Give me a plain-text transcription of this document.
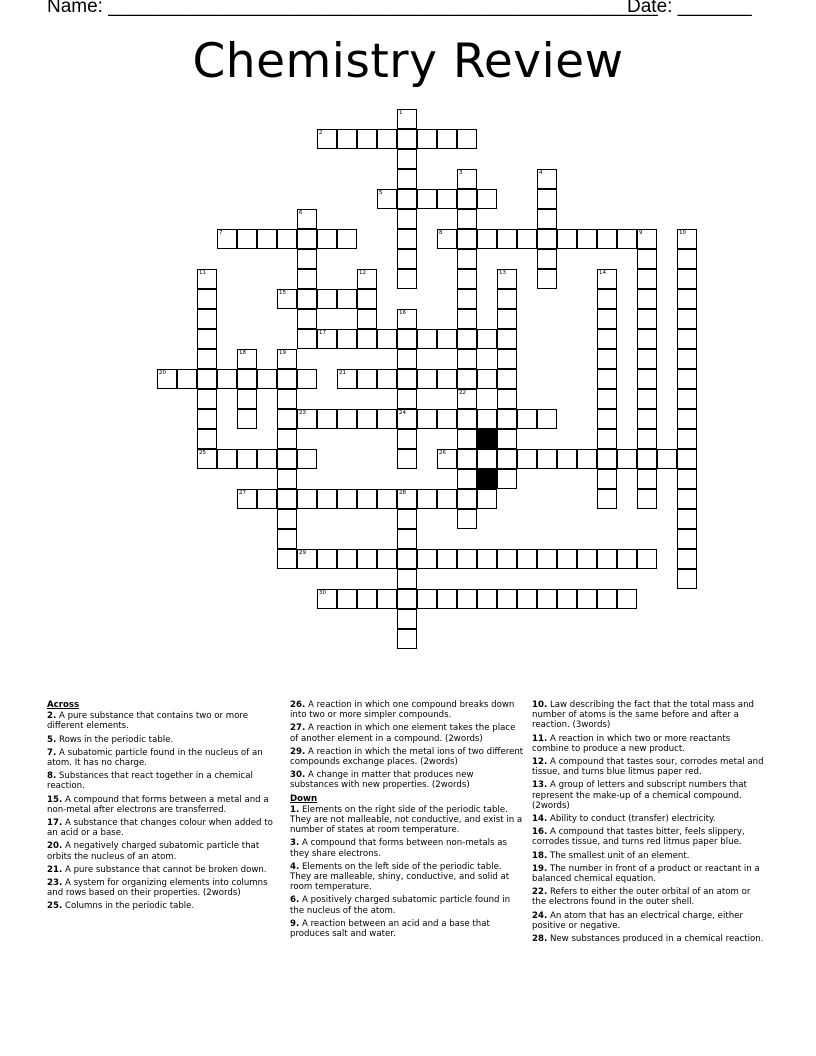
Name: ____________________________________________________
Date: _______
Chemistry Review
1
2
3
22
4
5
6
7	8	9	10
11	12	13	14
15
16
24
17
18	19
20	21
23
25	26
27	28
29
30
Across
2. A pure substance that contains two or more different elements.
5. Rows in the periodic table.
7. A subatomic particle found in the nucleus of an atom. It has no charge.
8. Substances that react together in a chemical reaction.
15. A compound that forms between a metal and a non-metal after electrons are transferred.
17. A substance that changes colour when added to an acid or a base.
20. A negatively charged subatomic particle that orbits the nucleus of an atom.
21. A pure substance that cannot be broken down.
23. A system for organizing elements into columns and rows based on their properties. (2words)
25. Columns in the periodic table.
26. A reaction in which one compound breaks down into two or more simpler compounds.
27. A reaction in which one element takes the place of another element in a compound. (2words)
29. A reaction in which the metal ions of two different compounds exchange places. (2words)
30. A change in matter that produces new substances with new properties. (2words)
Down
1. Elements on the right side of the periodic table. They are not malleable, not conductive, and exist in a number of states at room temperature.
3. A compound that forms between non-metals as they share electrons.
4. Elements on the left side of the periodic table. They are malleable, shiny, conductive, and solid at room temperature.
6. A positively charged subatomic particle found in the nucleus of the atom.
9. A reaction between an acid and a base that produces salt and water.
10. Law describing the fact that the total mass and number of atoms is the same before and after a reaction. (3words)
11. A reaction in which two or more reactants combine to produce a new product.
12. A compound that tastes sour, corrodes metal and tissue, and turns blue litmus paper red.
13. A group of letters and subscript numbers that represent the make-up of a chemical compound. (2words)
14. Ability to conduct (transfer) electricity.
16. A compound that tastes bitter, feels slippery, corrodes tissue, and turns red litmus paper blue.
18. The smallest unit of an element.
19. The number in front of a product or reactant in a balanced chemical equation.
22. Refers to either the outer orbital of an atom or the electrons found in the outer shell.
24. An atom that has an electrical charge, either positive or negative.
28. New substances produced in a chemical reaction.
